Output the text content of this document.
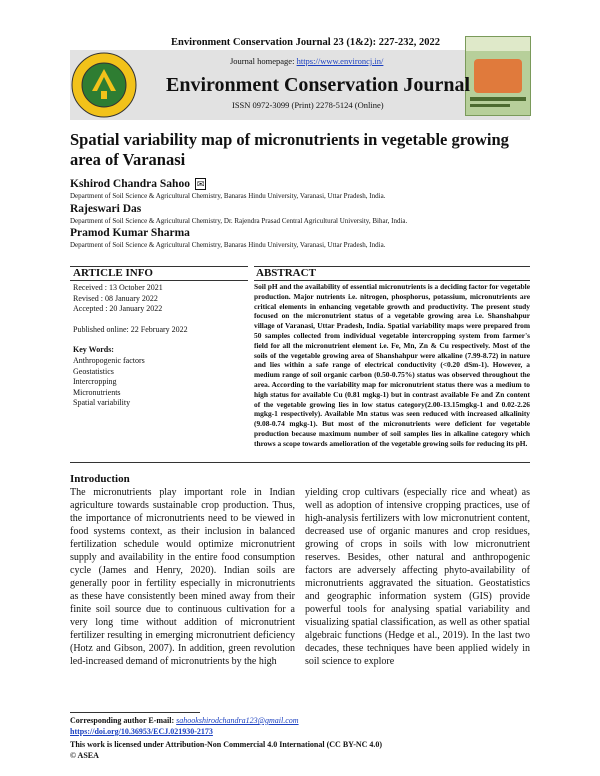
Environment Conservation Journal 23 (1&2): 227-232, 2022
Journal homepage: https://www.environcj.in/
Environment Conservation Journal
ISSN 0972-3099 (Print) 2278-5124 (Online)
Spatial variability map of micronutrients in vegetable growing area of Varanasi
Kshirod Chandra Sahoo ✉
Department of Soil Science & Agricultural Chemistry, Banaras Hindu University, Varanasi, Uttar Pradesh, India.
Rajeswari Das
Department of Soil Science & Agricultural Chemistry, Dr. Rajendra Prasad Central Agricultural University, Bihar, India.
Pramod Kumar Sharma
Department of Soil Science & Agricultural Chemistry, Banaras Hindu University, Varanasi, Uttar Pradesh, India.
ARTICLE INFO	ABSTRACT
Received : 13 October 2021
Revised : 08 January 2022
Accepted : 20 January 2022
Published online: 22 February 2022
Key Words:
Anthropogenic factors
Geostatistics
Intercropping
Micronutrients
Spatial variability
Soil pH and the availability of essential micronutrients is a deciding factor for vegetable production. Major nutrients i.e. nitrogen, phosphorus, potassium, micronutrients are critical elements in enhancing vegetable growth and productivity. The present study focused on the micronutrient status of a vegetable growing area i.e. Shanshahpur village of Varanasi, Uttar Pradesh, India. Spatial variability maps were prepared from 50 samples collected from individual vegetable intercropping system from farmer's field for all the micronutrient element i.e. Fe, Mn, Zn & Cu respectively. Most of the soils of the vegetable growing area of Shanshahpur were alkaline (7.99-8.72) in nature and lies within a safe range of electrical conductivity (<0.20 dSm-1). However, a medium range of soil organic carbon (0.50-0.75%) status was observed throughout the area. According to the variability map for micronutrient status there was a medium to high status for available Cu (0.81 mgkg-1) but in contrast available Fe and Zn content of the vegetable growing lies in low status category(2.00-13.15mgkg-1 and 0.02-2.26 mgkg-1 respectively). Available Mn status was seen reduced with increased alkalinity (9.08-0.74 mgkg-1). But most of the micronutrients were deficient for vegetable production because maximum number of soil samples lies in alkaline category which throws a scope towards amelioration of the vegetable growing soils for reducing its pH.
Introduction
The micronutrients play important role in Indian agriculture towards sustainable crop production. Thus, the importance of micronutrients need to be viewed in food systems context, as their inclusion in balanced fertilization schedule would optimize micronutrient supply and availability in the entire food consumption cycle (James and Henry, 2020). Indian soils are generally poor in fertility especially in micronutrients as these have consistently been mined away from their finite soil source due to continuous cultivation for a very long time without addition of micronutrient fertilizer resulting in emerging micronutrient deficiency (Hotz and Gibson, 2007). In addition, green revolution led-increased demand of micronutrients by the high
yielding crop cultivars (especially rice and wheat) as well as adoption of intensive cropping practices, use of high-analysis fertilizers with low micronutrient content, decreased use of organic manures and crop residues, growing of crops in soils with low micronutrient reserves. Besides, other natural and anthropogenic factors are adversely affecting phyto-availability of micronutrients aggravated the situation. Geostatistics and geographic information system (GIS) provide powerful tools for analysing spatial variability and visualizing spatial classification, as well as other spatial algebraic functions (Hedge et al., 2019). In the last two decades, these techniques have been applied widely in soil science to explore
Corresponding author E-mail: sahookshirodchandra123@gmail.com
https://doi.org/10.36953/ECJ.021930-2173
This work is licensed under Attribution-Non Commercial 4.0 International (CC BY-NC 4.0)
© ASEA
